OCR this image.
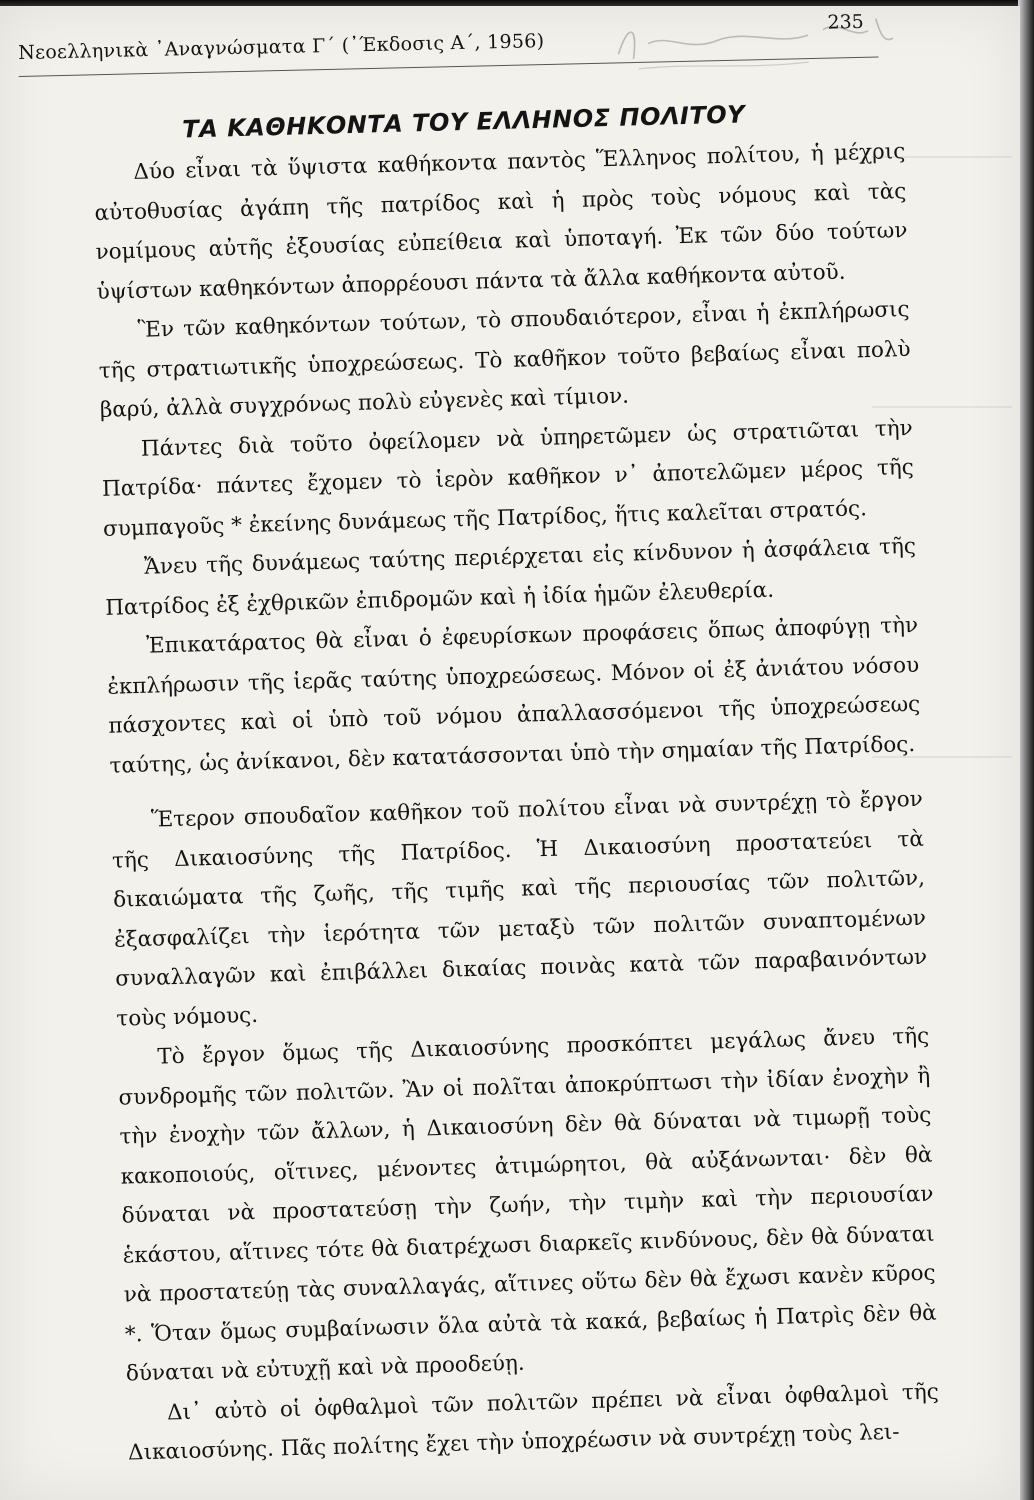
Νεοελληνικὰ ᾿Αναγνώσματα Γ΄ (᾿Έκδοσις Α΄, 1956)
235
ΤΑ ΚΑΘΗΚΟΝΤΑ ΤΟΥ ΕΛΛΗΝΟΣ ΠΟΛΙΤΟΥ

Δύο εἶναι τὰ ὕψιστα καθήκοντα παντὸς Ἕλληνος πολίτου, ἡ μέχρις αὐτοθυσίας ἀγάπη τῆς πατρίδος καὶ ἡ πρὸς τοὺς νόμους καὶ τὰς νομίμους αὐτῆς ἐξουσίας εὐπείθεια καὶ ὑποταγή. Ἐκ τῶν δύο τούτων ὑψίστων καθηκόντων ἀπορρέουσι πάντα τὰ ἄλλα καθήκοντα αὐτοῦ.

Ἓν τῶν καθηκόντων τούτων, τὸ σπουδαιότερον, εἶναι ἡ ἐκπλήρωσις τῆς στρατιωτικῆς ὑποχρεώσεως. Τὸ καθῆκον τοῦτο βεβαίως εἶναι πολὺ βαρύ, ἀλλὰ συγχρόνως πολὺ εὐγενὲς καὶ τίμιον.

Πάντες διὰ τοῦτο ὀφείλομεν νὰ ὑπηρετῶμεν ὡς στρατιῶται τὴν Πατρίδα· πάντες ἔχομεν τὸ ἱερὸν καθῆκον ν᾿ ἀποτελῶμεν μέρος τῆς συμπαγοῦς * ἐκείνης δυνάμεως τῆς Πατρίδος, ἥτις καλεῖται στρατός.

Ἄνευ τῆς δυνάμεως ταύτης περιέρχεται εἰς κίνδυνον ἡ ἀσφάλεια τῆς Πατρίδος ἐξ ἐχθρικῶν ἐπιδρομῶν καὶ ἡ ἰδία ἡμῶν ἐλευθερία.

Ἐπικατάρατος θὰ εἶναι ὁ ἐφευρίσκων προφάσεις ὅπως ἀποφύγῃ τὴν ἐκπλήρωσιν τῆς ἱερᾶς ταύτης ὑποχρεώσεως. Μόνον οἱ ἐξ ἀνιάτου νόσου πάσχοντες καὶ οἱ ὑπὸ τοῦ νόμου ἀπαλλασσόμενοι τῆς ὑποχρεώσεως ταύτης, ὡς ἀνίκανοι, δὲν κατατάσσονται ὑπὸ τὴν σημαίαν τῆς Πατρίδος.

Ἕτερον σπουδαῖον καθῆκον τοῦ πολίτου εἶναι νὰ συντρέχῃ τὸ ἔργον τῆς Δικαιοσύνης τῆς Πατρίδος. Ἡ Δικαιοσύνη προστατεύει τὰ δικαιώματα τῆς ζωῆς, τῆς τιμῆς καὶ τῆς περιουσίας τῶν πολιτῶν, ἐξασφαλίζει τὴν ἱερότητα τῶν μεταξὺ τῶν πολιτῶν συναπτομένων συναλλαγῶν καὶ ἐπιβάλλει δικαίας ποινὰς κατὰ τῶν παραβαινόντων τοὺς νόμους.

Τὸ ἔργον ὅμως τῆς Δικαιοσύνης προσκόπτει μεγάλως ἄνευ τῆς συνδρομῆς τῶν πολιτῶν. Ἂν οἱ πολῖται ἀποκρύπτωσι τὴν ἰδίαν ἐνοχὴν ἢ τὴν ἐνοχὴν τῶν ἄλλων, ἡ Δικαιοσύνη δὲν θὰ δύναται νὰ τιμωρῇ τοὺς κακοποιούς, οἵτινες, μένοντες ἀτιμώρητοι, θὰ αὐξάνωνται· δὲν θὰ δύναται νὰ προστατεύσῃ τὴν ζωήν, τὴν τιμὴν καὶ τὴν περιουσίαν ἑκάστου, αἵτινες τότε θὰ διατρέχωσι διαρκεῖς κινδύνους, δὲν θὰ δύναται νὰ προστατεύῃ τὰς συναλλαγάς, αἵτινες οὕτω δὲν θὰ ἔχωσι κανὲν κῦρος *. Ὅταν ὅμως συμβαίνωσιν ὅλα αὐτὰ τὰ κακά, βεβαίως ἡ Πατρὶς δὲν θὰ δύναται νὰ εὐτυχῇ καὶ νὰ προοδεύῃ.

Δι᾿ αὐτὸ οἱ ὀφθαλμοὶ τῶν πολιτῶν πρέπει νὰ εἶναι ὀφθαλμοὶ τῆς Δικαιοσύνης. Πᾶς πολίτης ἔχει τὴν ὑποχρέωσιν νὰ συντρέχῃ τοὺς λει-
